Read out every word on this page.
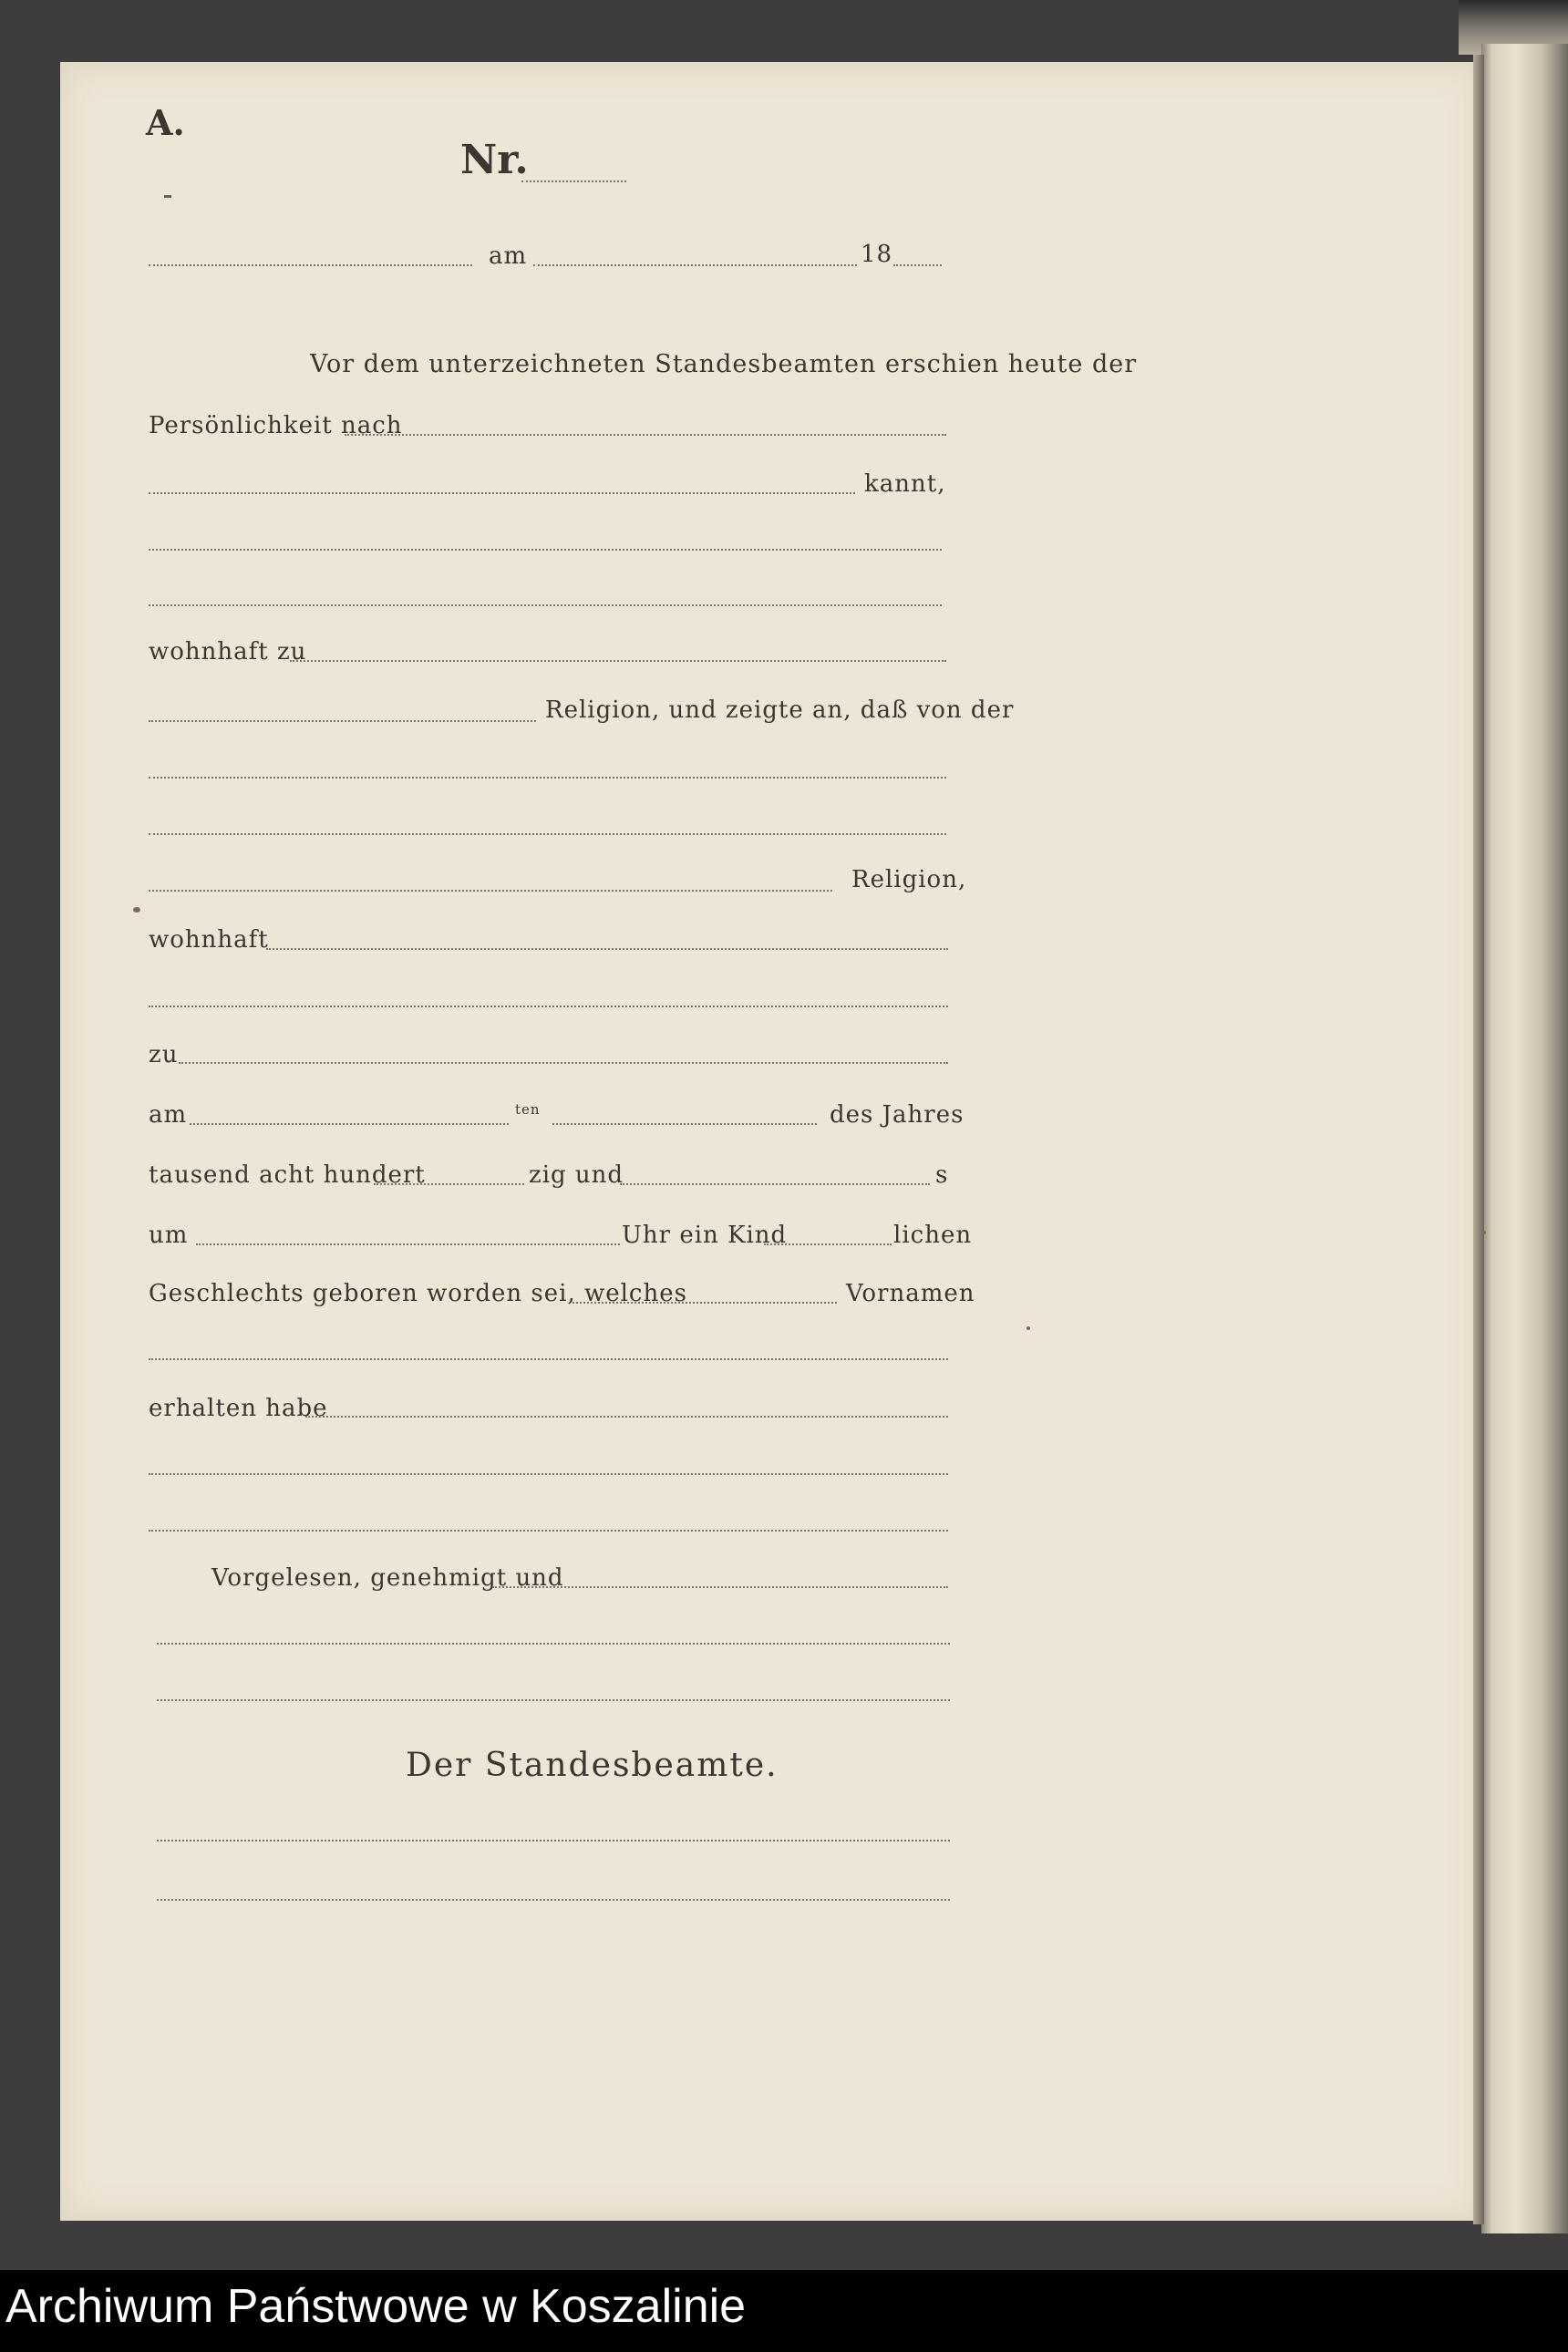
A.
Nr.
am	18
Vor dem unterzeichneten Standesbeamten erschien heute der
Persönlichkeit nach
kannt,
wohnhaft zu
Religion, und zeigte an, daß von der
Religion,
wohnhaft
zu
am	ten	des Jahres
tausend acht hundert	zig und	s
um	Uhr ein Kind	lichen
Geschlechts geboren worden sei, welches	Vornamen
erhalten habe
Vorgelesen, genehmigt und
Der Standesbeamte.
Archiwum Państwowe w Koszalinie
